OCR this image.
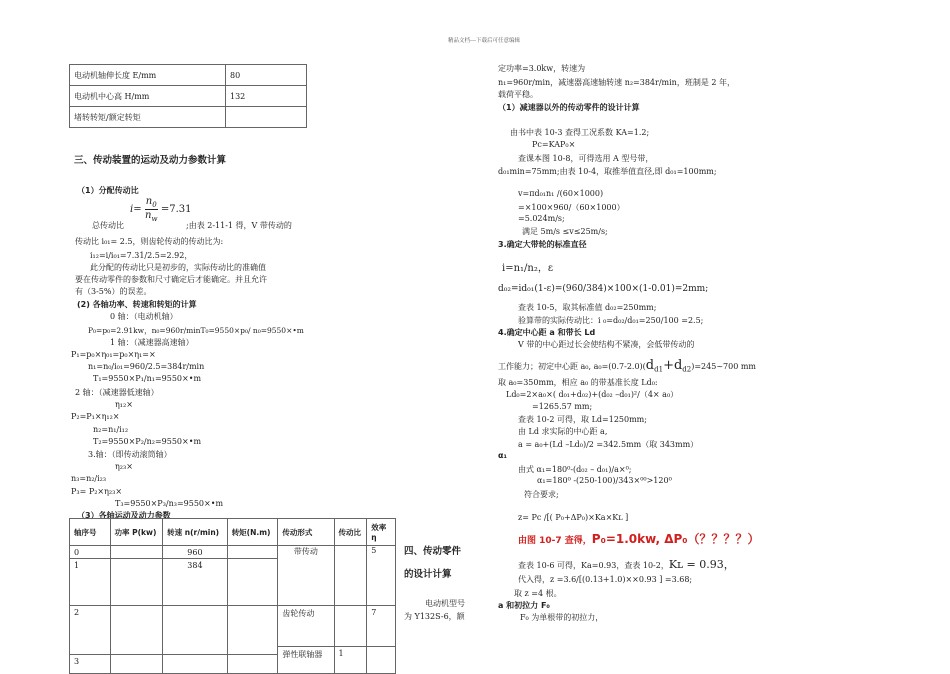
精品文档---下载后可任意编辑
电动机轴伸长度 E/mm	80
电动机中心高 H/mm	132
堵转转矩/额定转矩	
三、传动装置的运动及动力参数计算
（1）分配传动比
$i= \frac{n_0}{n_w} =7.31$
总传动比	;由表 2-11-1 得，V 带传动的
传动比 i₀₁= 2.5，则齿轮传动的传动比为:
i₁₂=i/i₀₁=7.31/2.5=2.92，
此分配的传动比只是初步的，实际传动比的准确值
要在传动零件的参数和尺寸确定后才能确定。并且允许
有（3-5%）的误差。
(2) 各轴功率、转速和转矩的计算
0 轴：（电动机轴）
P₀=p₀=2.91kw，n₀=960r/minT₀=9550×p₀/ n₀=9550×•m
1 轴：（减速器高速轴）
P₁=p₀×η₀₁=p₀×η₁=×
n₁=n₀/i₀₁=960/2.5=384r/min
T₁=9550×P₁/n₁=9550×•m
2 轴：（减速器低速轴）
η₁₂×
P₂=P₁×η₁₂×
n₂=n₁/i₁₂
T₂=9550×P₂/n₂=9550×•m
3.轴：（即传动滚筒轴）
η₂₃×
n₃=n₂/i₂₃
P₃= P₂×η₂₃×
T₃=9550×P₃/n₃=9550×•m
（3）各轴运动及动力参数
轴序号	功率 P(kw)	转速 n(r/min)	转矩(N.m)	传动形式	传动比	效率η
0		960		带传动		5
1		384				
2				齿轮传动		7
				弹性联轴器	1	
3						
四、传动零件
的设计计算
电动机型号
为 Y132S-6，额
定功率=3.0kw，转速为
n₁=960r/min，减速器高速轴转速 n₂=384r/min，班制是 2 年，
载荷平稳。
（1）减速器以外的传动零件的设计计算
由书中表 10-3 查得工况系数 KA=1.2;
Pc=KAP₀×
查课本图 10-8，可得选用 A 型号带，
d₀₁min=75mm;由表 10-4，取推举值直径,即 d₀₁=100mm;
v=πd₀₁n₁ /(60×1000)
=×100×960/（60×1000）
=5.024m/s;
满足 5m/s ≤v≤25m/s;
3.确定大带轮的标准直径
i=n₁/n₂，ε
d₀₂=id₀₁(1-ε)=(960/384)×100×(1-0.01)=2mm;
查表 10-5，取其标准值 d₀₂=250mm;
验算带的实际传动比：i ₀=d₀₂/d₀₁=250/100 =2.5;
4.确定中心距 a 和带长 Ld
V 带的中心距过长会使结构不紧凑，会低带传动的
工作能力；初定中心距 a₀, $a_0=(0.7-2.0)(d_{d1}+d_{d2})=245\sim 700$ mm
取 a₀=350mm，相应 a₀ 的带基准长度 Ld₀:
Ld₀=2×a₀×( d₀₁+d₀₂)+(d₀₂ –d₀₁)²/（4× a₀）
=1265.57 mm;
查表 10-2 可得，取 Ld=1250mm;
由 Ld 求实际的中心距 a,
a = a₀+(Ld –Ld₀)/2 =342.5mm（取 343mm）
α₁
由式 α₁=180⁰-(d₀₂ – d₀₁)/a×⁰;
α₁=180⁰ -(250-100)/343×⁰⁰>120⁰
符合要求;
z= Pc /[( P₀+ΔP₀)×Ka×Kʟ ]
由图 10-7 查得，P₀=1.0kw, ΔP₀（？？？？）
查表 10-6 可得，Ka=0.93，查表 10-2，Kʟ = 0.93，
代入得，z =3.6/[(0.13+1.0)××0.93 ] =3.68;
取 z =4 根。
a 和初拉力 F₀
F₀ 为单根带的初拉力，
